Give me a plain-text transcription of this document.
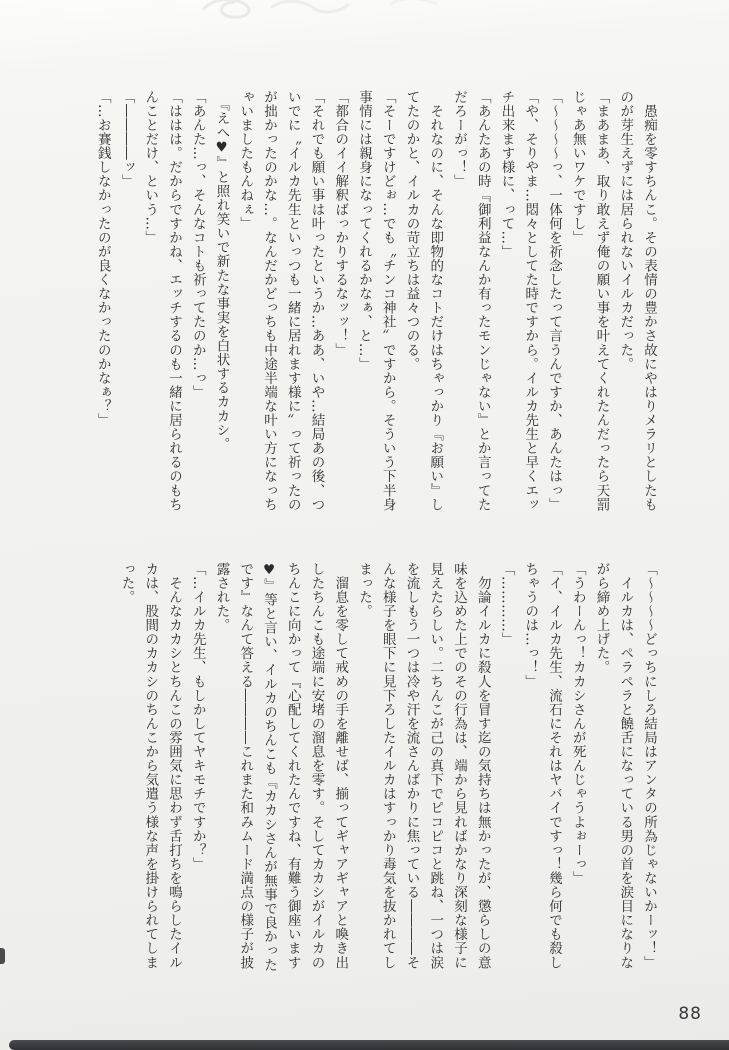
　愚痴を零すちんこ。その表情の豊かさ故にやはりメラリとしたものが芽生えずには居られないイルカだった。

「まあまあ、取り敢えず俺の願い事を叶えてくれたんだったら天罰じゃあ無いワケですし」

「〜〜〜〜っ、一体何を祈念したって言うんですか、あんたはっ」

「や、そりやま…悶々としてた時ですから。イルカ先生と早くエッチ出来ます様に、って…」

「あんたあの時『御利益なんか有ったモンじゃない』とか言ってただろーがっ！」

　それなのに、そんな即物的なコトだけはちゃっかり『お願い』してたのかと、イルカの苛立ちは益々つのる。

「そーですけどぉ…でも〝チンコ神社〞ですから。そういう下半身事情には親身になってくれるかなぁ、と…」

「都合のイイ解釈ばっかりするなッッ！」

「それでも願い事は叶ったというか…ああ、いや…結局あの後、ついでに〝イルカ先生といっつも一緒に居れます様に〞って祈ったのが拙かったのかな…。なんだかどっちも中途半端な叶い方になっちゃいましたもんねぇ」

　『えへ♥』と照れ笑いで新たな事実を白状するカカシ。

「あんた…っ、そんなコトも祈ってたのか…っ」

「ははは。だからですかね、エッチするのも一緒に居られるのもちんことだけ、という…」

「――――ッ」

「…お賽銭しなかったのが良くなかったのかなぁ？」

「〜〜〜〜どっちにしろ結局はアンタの所為じゃないかーッ！」

　イルカは、ペラペラと饒舌になっている男の首を涙目になりながら締め上げた。

「うわーんっ！カカシさんが死んじゃうよぉーっ」

「イ、イルカ先生、流石にそれはヤバイですっ！幾ら何でも殺しちゃうのは…っ！」

「…………」

　勿論イルカに殺人を冒す迄の気持ちは無かったが、懲らしの意味を込めた上でのその行為は、端から見ればかなり深刻な様子に見えたらしい。二ちんこが己の真下でピコピコと跳ね、一つは涙を流しもう一つは冷や汗を流さんばかりに焦っている――――そんな様子を眼下に見下ろしたイルカはすっかり毒気を抜かれてしまった。

　溜息を零して戒めの手を離せば、揃ってギャアギャアと喚き出したちんこも途端に安堵の溜息を零す。そしてカカシがイルカのちんこに向かって『心配してくれたんですね、有難う御座います♥』等と言い、イルカのちんこも『カカシさんが無事で良かったです』なんて答える――――これまた和みムード満点の様子が披露された。

「…イルカ先生、もしかしてヤキモチですか？」

　そんなカカシとちんこの雰囲気に思わず舌打ちを鳴らしたイルカは、股間のカカシのちんこから気遣う様な声を掛けられてしまった。

88
